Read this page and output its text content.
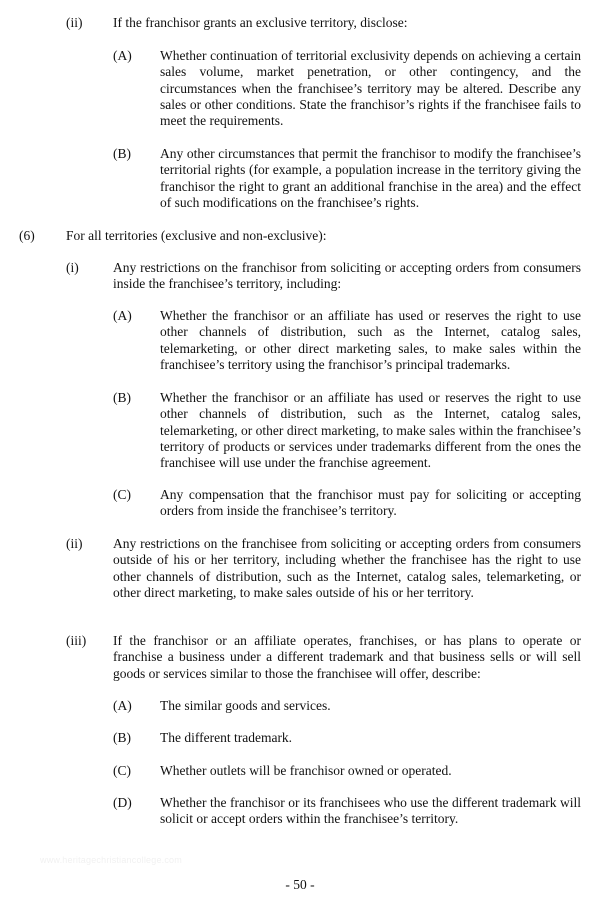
(ii) If the franchisor grants an exclusive territory, disclose:

(A) Whether continuation of territorial exclusivity depends on achieving a certain sales volume, market penetration, or other contingency, and the circumstances when the franchisee’s territory may be altered. Describe any sales or other conditions. State the franchisor’s rights if the franchisee fails to meet the requirements.

(B) Any other circumstances that permit the franchisor to modify the franchisee’s territorial rights (for example, a population increase in the territory giving the franchisor the right to grant an additional franchise in the area) and the effect of such modifications on the franchisee’s rights.

(6) For all territories (exclusive and non-exclusive):

(i)	Any restrictions on the franchisor from soliciting or accepting orders from consumers inside the franchisee’s territory, including:

(A) Whether the franchisor or an affiliate has used or reserves the right to use other channels of distribution, such as the Internet, catalog sales, telemarketing, or other direct marketing sales, to make sales within the franchisee’s territory using the franchisor’s principal trademarks.

(B) Whether the franchisor or an affiliate has used or reserves the right to use other channels of distribution, such as the Internet, catalog sales, telemarketing, or other direct marketing, to make sales within the franchisee’s territory of products or services under trademarks different from the ones the franchisee will use under the franchise agreement.

(C) Any compensation that the franchisor must pay for soliciting or accepting orders from inside the franchisee’s territory.

(ii) Any restrictions on the franchisee from soliciting or accepting orders from consumers outside of his or her territory, including whether the franchisee has the right to use other channels of distribution, such as the Internet, catalog sales, telemarketing, or other direct marketing, to make sales outside of his or her territory.

(iii) If the franchisor or an affiliate operates, franchises, or has plans to operate or franchise a business under a different trademark and that business sells or will sell goods or services similar to those the franchisee will offer, describe:

(A) The similar goods and services.

(B) The different trademark.

(C) Whether outlets will be franchisor owned or operated.

(D) Whether the franchisor or its franchisees who use the different trademark will solicit or accept orders within the franchisee’s territory.

www.heritagechristiancollege.com
- 50 -
